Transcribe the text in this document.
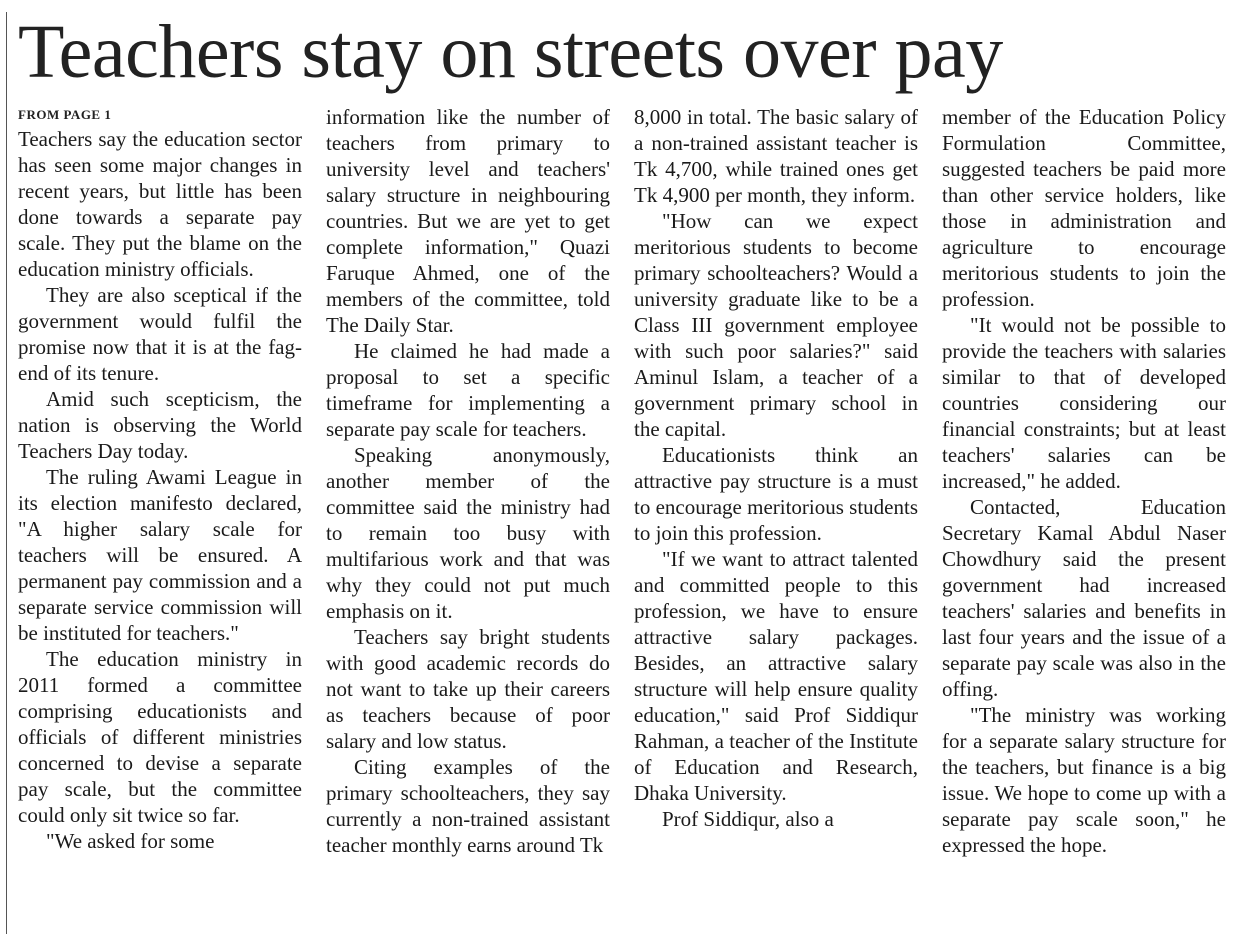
Teachers stay on streets over pay
FROM PAGE 1

Teachers say the education sector has seen some major changes in recent years, but little has been done towards a separate pay scale. They put the blame on the education ministry officials.

They are also sceptical if the government would fulfil the promise now that it is at the fag-end of its tenure.

Amid such scepticism, the nation is observing the World Teachers Day today.

The ruling Awami League in its election manifesto declared, "A higher salary scale for teachers will be ensured. A permanent pay commission and a separate service commission will be instituted for teachers."

The education ministry in 2011 formed a committee comprising educationists and officials of different ministries concerned to devise a separate pay scale, but the committee could only sit twice so far.

"We asked for some

information like the number of teachers from primary to university level and teachers' salary structure in neighbouring countries. But we are yet to get complete information," Quazi Faruque Ahmed, one of the members of the committee, told The Daily Star.

He claimed he had made a proposal to set a specific timeframe for implementing a separate pay scale for teachers.

Speaking anonymously, another member of the committee said the ministry had to remain too busy with multifarious work and that was why they could not put much emphasis on it.

Teachers say bright students with good academic records do not want to take up their careers as teachers because of poor salary and low status.

Citing examples of the primary schoolteachers, they say currently a non-trained assistant teacher monthly earns around Tk

8,000 in total. The basic salary of a non-trained assistant teacher is Tk 4,700, while trained ones get Tk 4,900 per month, they inform.

"How can we expect meritorious students to become primary schoolteachers? Would a university graduate like to be a Class III government employee with such poor salaries?" said Aminul Islam, a teacher of a government primary school in the capital.

Educationists think an attractive pay structure is a must to encourage meritorious students to join this profession.

"If we want to attract talented and committed people to this profession, we have to ensure attractive salary packages. Besides, an attractive salary structure will help ensure quality education," said Prof Siddiqur Rahman, a teacher of the Institute of Education and Research, Dhaka University.

Prof Siddiqur, also a

member of the Education Policy Formulation Committee, suggested teachers be paid more than other service holders, like those in administration and agriculture to encourage meritorious students to join the profession.

"It would not be possible to provide the teachers with salaries similar to that of developed countries considering our financial constraints; but at least teachers' salaries can be increased," he added.

Contacted, Education Secretary Kamal Abdul Naser Chowdhury said the present government had increased teachers' salaries and benefits in last four years and the issue of a separate pay scale was also in the offing.

"The ministry was working for a separate salary structure for the teachers, but finance is a big issue. We hope to come up with a separate pay scale soon," he expressed the hope.
